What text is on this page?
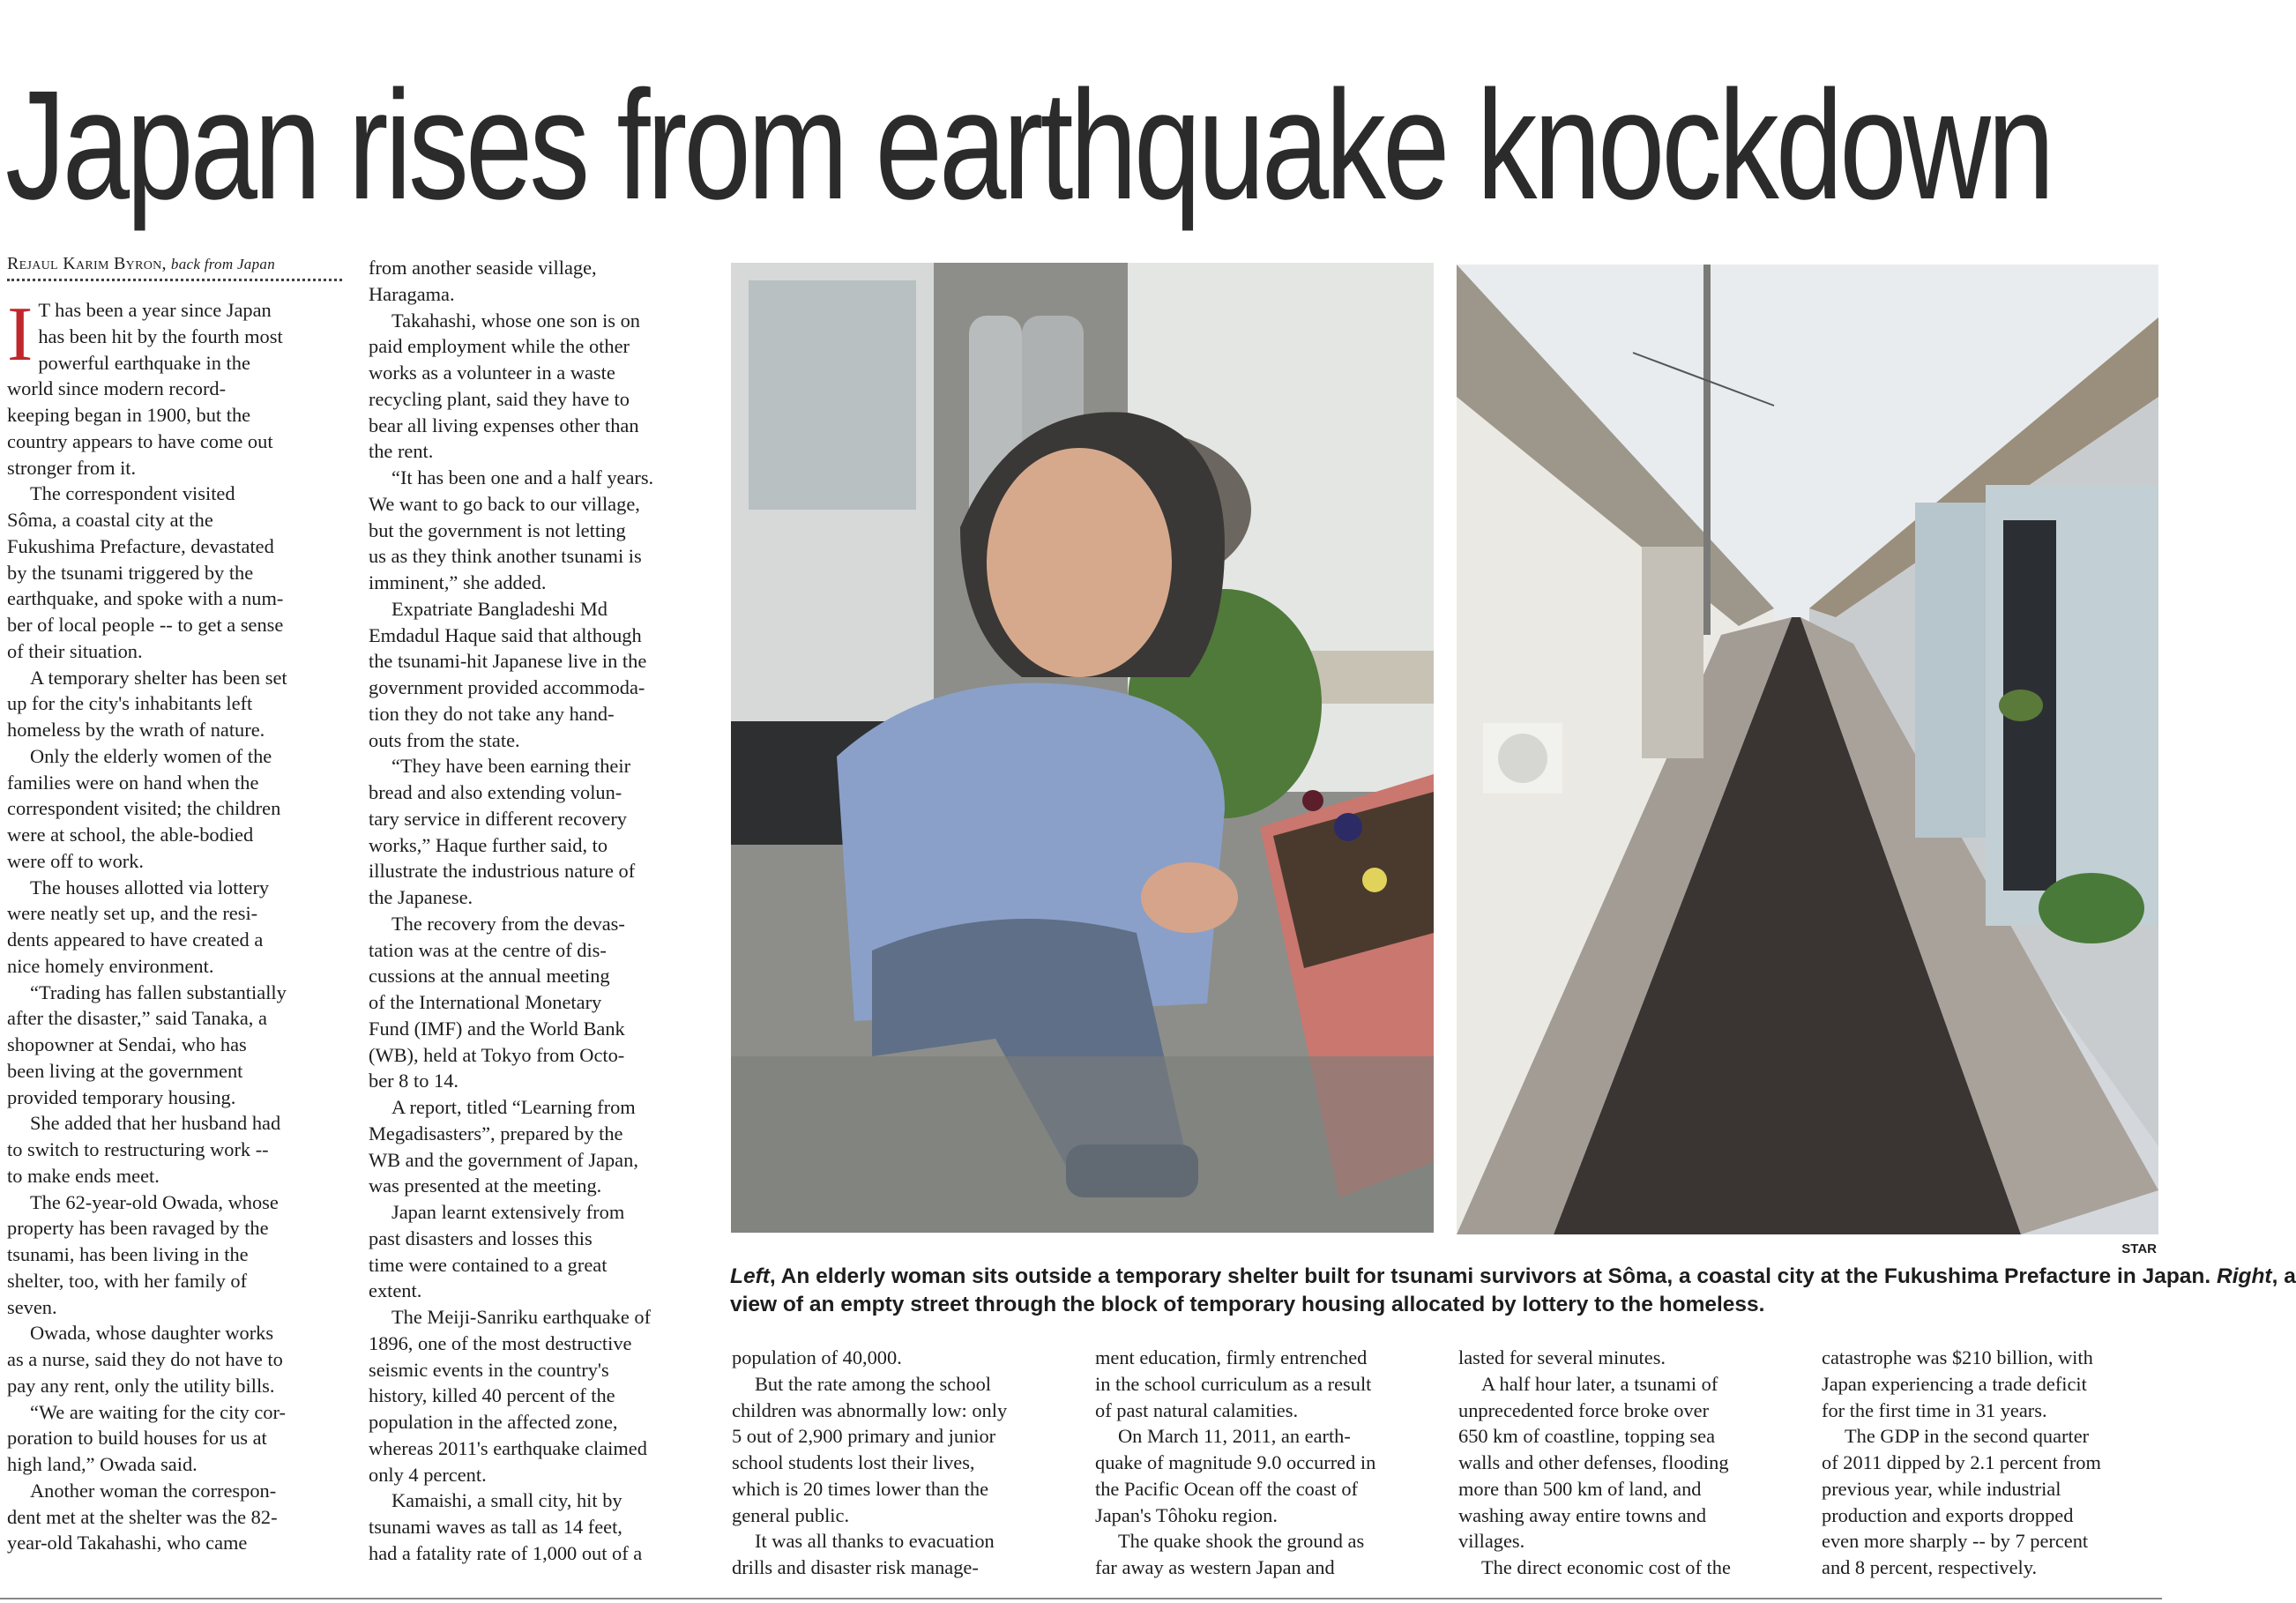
Japan rises from earthquake knockdown
Rejaul Karim Byron, back from Japan
I T has been a year since Japan
has been hit by the fourth most
powerful earthquake in the
world since modern record-
keeping began in 1900, but the
country appears to have come out
stronger from it.
The correspondent visited
Sôma, a coastal city at the
Fukushima Prefacture, devastated
by the tsunami triggered by the
earthquake, and spoke with a num-
ber of local people -- to get a sense
of their situation.
A temporary shelter has been set
up for the city's inhabitants left
homeless by the wrath of nature.
Only the elderly women of the
families were on hand when the
correspondent visited; the children
were at school, the able-bodied
were off to work.
The houses allotted via lottery
were neatly set up, and the resi-
dents appeared to have created a
nice homely environment.
“Trading has fallen substantially
after the disaster,” said Tanaka, a
shopowner at Sendai, who has
been living at the government
provided temporary housing.
She added that her husband had
to switch to restructuring work --
to make ends meet.
The 62-year-old Owada, whose
property has been ravaged by the
tsunami, has been living in the
shelter, too, with her family of
seven.
Owada, whose daughter works
as a nurse, said they do not have to
pay any rent, only the utility bills.
“We are waiting for the city cor-
poration to build houses for us at
high land,” Owada said.
Another woman the correspon-
dent met at the shelter was the 82-
year-old Takahashi, who came
from another seaside village,
Haragama.
Takahashi, whose one son is on
paid employment while the other
works as a volunteer in a waste
recycling plant, said they have to
bear all living expenses other than
the rent.
“It has been one and a half years.
We want to go back to our village,
but the government is not letting
us as they think another tsunami is
imminent,” she added.
Expatriate Bangladeshi Md
Emdadul Haque said that although
the tsunami-hit Japanese live in the
government provided accommoda-
tion they do not take any hand-
outs from the state.
“They have been earning their
bread and also extending volun-
tary service in different recovery
works,” Haque further said, to
illustrate the industrious nature of
the Japanese.
The recovery from the devas-
tation was at the centre of dis-
cussions at the annual meeting
of the International Monetary
Fund (IMF) and the World Bank
(WB), held at Tokyo from Octo-
ber 8 to 14.
A report, titled “Learning from
Megadisasters”, prepared by the
WB and the government of Japan,
was presented at the meeting.
Japan learnt extensively from
past disasters and losses this
time were contained to a great
extent.
The Meiji-Sanriku earthquake of
1896, one of the most destructive
seismic events in the country's
history, killed 40 percent of the
population in the affected zone,
whereas 2011's earthquake claimed
only 4 percent.
Kamaishi, a small city, hit by
tsunami waves as tall as 14 feet,
had a fatality rate of 1,000 out of a
STAR
Left, An elderly woman sits outside a temporary shelter built for tsunami survivors at Sôma, a coastal city at the Fukushima Prefacture in Japan. Right, a
view of an empty street through the block of temporary housing allocated by lottery to the homeless.
population of 40,000.
But the rate among the school
children was abnormally low: only
5 out of 2,900 primary and junior
school students lost their lives,
which is 20 times lower than the
general public.
It was all thanks to evacuation
drills and disaster risk manage-
ment education, firmly entrenched
in the school curriculum as a result
of past natural calamities.
On March 11, 2011, an earth-
quake of magnitude 9.0 occurred in
the Pacific Ocean off the coast of
Japan's Tôhoku region.
The quake shook the ground as
far away as western Japan and
lasted for several minutes.
A half hour later, a tsunami of
unprecedented force broke over
650 km of coastline, topping sea
walls and other defenses, flooding
more than 500 km of land, and
washing away entire towns and
villages.
The direct economic cost of the
catastrophe was $210 billion, with
Japan experiencing a trade deficit
for the first time in 31 years.
The GDP in the second quarter
of 2011 dipped by 2.1 percent from
previous year, while industrial
production and exports dropped
even more sharply -- by 7 percent
and 8 percent, respectively.
